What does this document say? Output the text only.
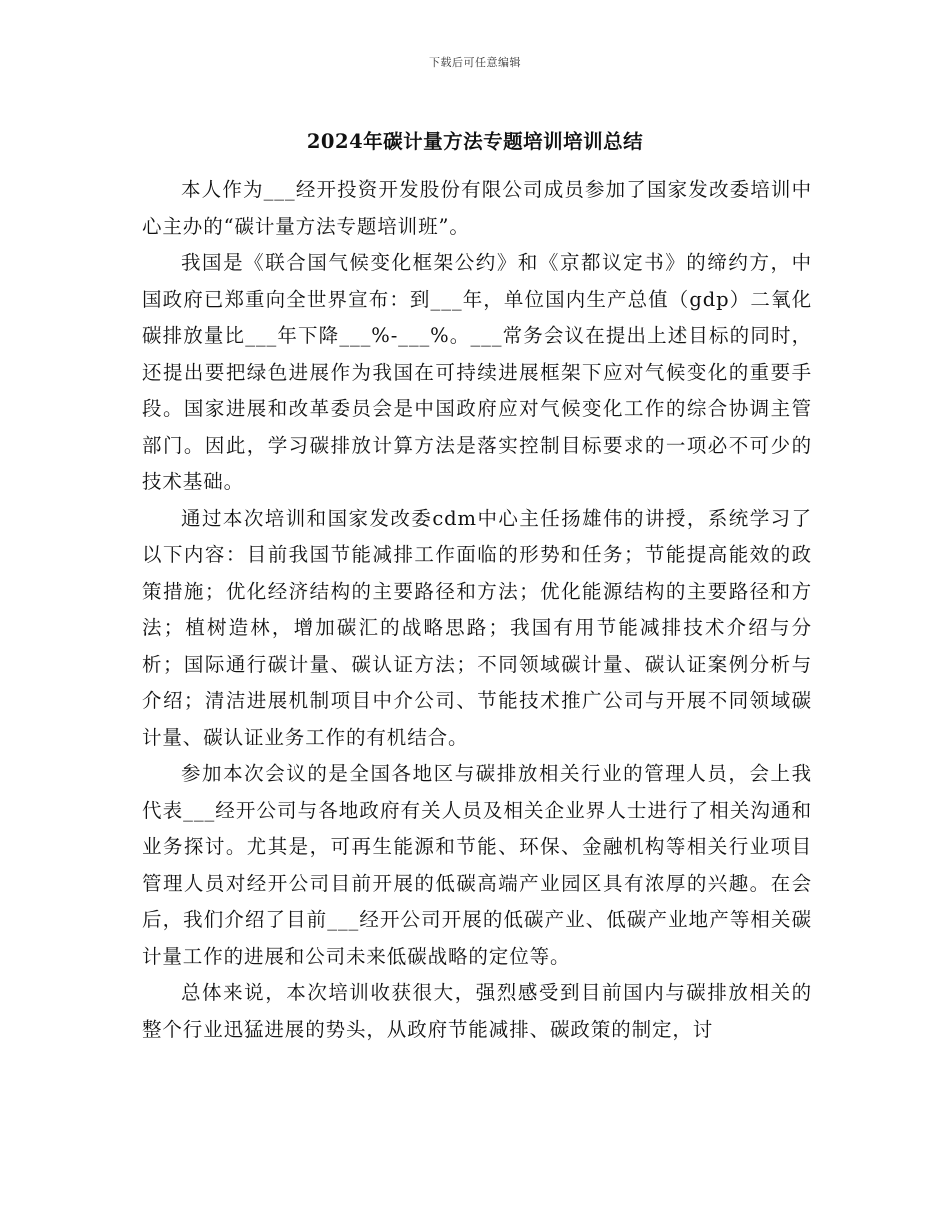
下载后可任意编辑
2024年碳计量方法专题培训培训总结

本人作为___经开投资开发股份有限公司成员参加了国家发改委培训中心主办的“碳计量方法专题培训班”。

我国是《联合国气候变化框架公约》和《京都议定书》的缔约方，中国政府已郑重向全世界宣布：到___年，单位国内生产总值（gdp）二氧化碳排放量比___年下降___%-___%。___常务会议在提出上述目标的同时，还提出要把绿色进展作为我国在可持续进展框架下应对气候变化的重要手段。国家进展和改革委员会是中国政府应对气候变化工作的综合协调主管部门。因此，学习碳排放计算方法是落实控制目标要求的一项必不可少的技术基础。

通过本次培训和国家发改委cdm中心主任扬雄伟的讲授，系统学习了以下内容：目前我国节能减排工作面临的形势和任务；节能提高能效的政策措施；优化经济结构的主要路径和方法；优化能源结构的主要路径和方法；植树造林，增加碳汇的战略思路；我国有用节能减排技术介绍与分析；国际通行碳计量、碳认证方法；不同领域碳计量、碳认证案例分析与介绍；清洁进展机制项目中介公司、节能技术推广公司与开展不同领域碳计量、碳认证业务工作的有机结合。

参加本次会议的是全国各地区与碳排放相关行业的管理人员，会上我代表___经开公司与各地政府有关人员及相关企业界人士进行了相关沟通和业务探讨。尤其是，可再生能源和节能、环保、金融机构等相关行业项目管理人员对经开公司目前开展的低碳高端产业园区具有浓厚的兴趣。在会后，我们介绍了目前___经开公司开展的低碳产业、低碳产业地产等相关碳计量工作的进展和公司未来低碳战略的定位等。

总体来说，本次培训收获很大，强烈感受到目前国内与碳排放相关的整个行业迅猛进展的势头，从政府节能减排、碳政策的制定，讨
